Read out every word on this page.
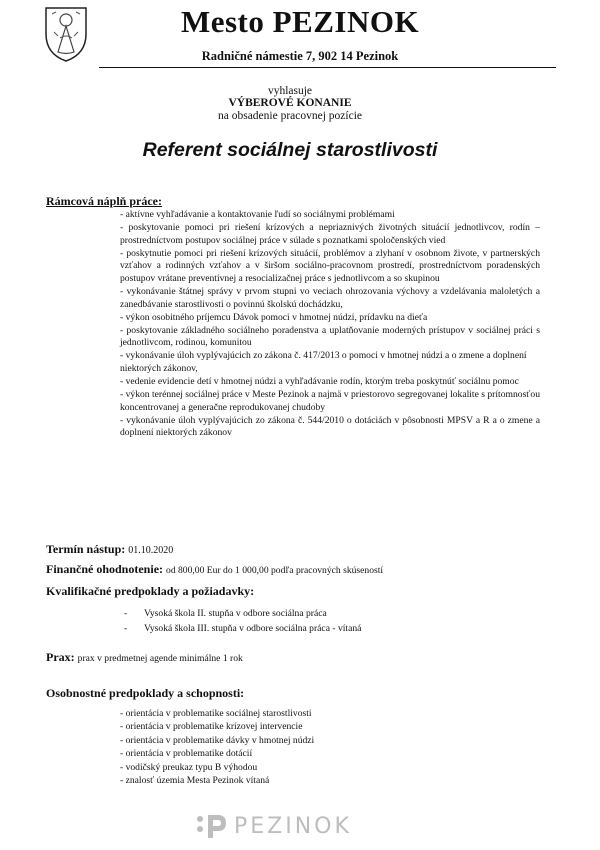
Mesto PEZINOK
Radničné námestie 7, 902 14 Pezinok
vyhlasuje
VÝBEROVÉ KONANIE
na obsadenie pracovnej pozície
Referent sociálnej starostlivosti
Rámcová náplň práce:

- aktívne vyhľadávanie a kontaktovanie ľudí so sociálnymi problémami

- poskytovanie pomoci pri riešení krízových a nepriaznivých životných situácií jednotlivcov, rodín – prostredníctvom postupov sociálnej práce v súlade s poznatkami spoločenských vied

- poskytnutie pomoci pri riešení krízových situácií, problémov a zlyhaní v osobnom živote, v partnerských vzťahov a rodinných vzťahov a v širšom sociálno-pracovnom prostredí, prostredníctvom poradenských postupov vrátane preventívnej a resocializačnej práce s jednotlivcom a so skupinou

- vykonávanie štátnej správy v prvom stupni vo veciach ohrozovania výchovy a vzdelávania maloletých a zanedbávanie starostlivosti o povinnú školskú dochádzku,

- výkon osobitného príjemcu Dávok pomoci v hmotnej núdzi, prídavku na dieťa

- poskytovanie základného sociálneho poradenstva a uplatňovanie moderných prístupov v sociálnej práci s jednotlivcom, rodinou, komunitou

- vykonávanie úloh vyplývajúcich zo zákona č. 417/2013 o pomoci v hmotnej núdzi a o zmene a doplnení niektorých zákonov,

- vedenie evidencie detí v hmotnej núdzi a vyhľadávanie rodín, ktorým treba poskytnúť sociálnu pomoc

- výkon terénnej sociálnej práce v Meste Pezinok a najmä v priestorovo segregovanej lokalite s prítomnosťou koncentrovanej a generačne reprodukovanej chudoby

- vykonávanie úloh vyplývajúcich zo zákona č. 544/2010 o dotáciách v pôsobnosti MPSV a R a o zmene a doplnení niektorých zákonov

Termín nástup: 01.10.2020
Finančné ohodnotenie: od 800,00 Eur do 1 000,00 podľa pracovných skúseností
Kvalifikačné predpoklady a požiadavky:
-	Vysoká škola II. stupňa v odbore sociálna práca
-	Vysoká škola III. stupňa v odbore sociálna práca - vítaná
Prax: prax v predmetnej agende minimálne 1 rok
Osobnostné predpoklady a schopnosti:
- orientácia v problematike sociálnej starostlivosti
- orientácia v problematike krízovej intervencie
- orientácia v problematike dávky v hmotnej núdzi
- orientácia v problematike dotácií
- vodičský preukaz typu B výhodou
- znalosť územia Mesta Pezinok vítaná
PEZINOK
